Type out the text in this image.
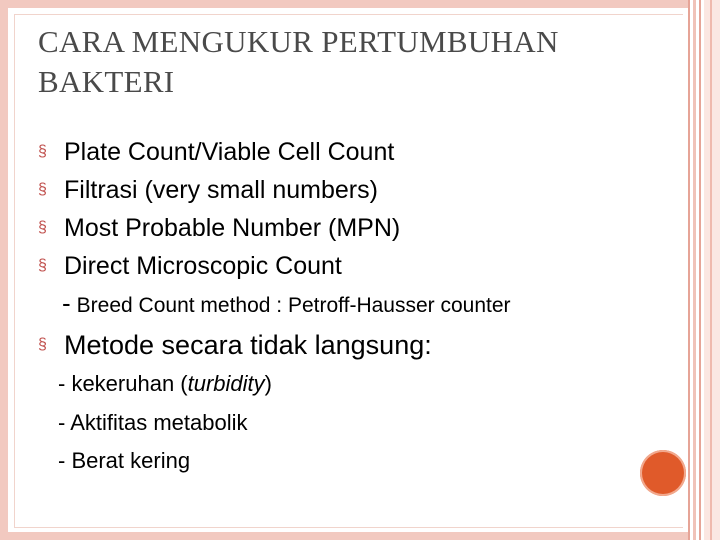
CARA MENGUKUR PERTUMBUHAN
BAKTERI
§ Plate Count/Viable Cell Count
§ Filtrasi (very small numbers)
§ Most Probable Number (MPN)
§ Direct Microscopic Count
- Breed Count method : Petroff-Hausser counter
§ Metode secara tidak langsung:
- kekeruhan (turbidity)
- Aktifitas metabolik
- Berat kering
